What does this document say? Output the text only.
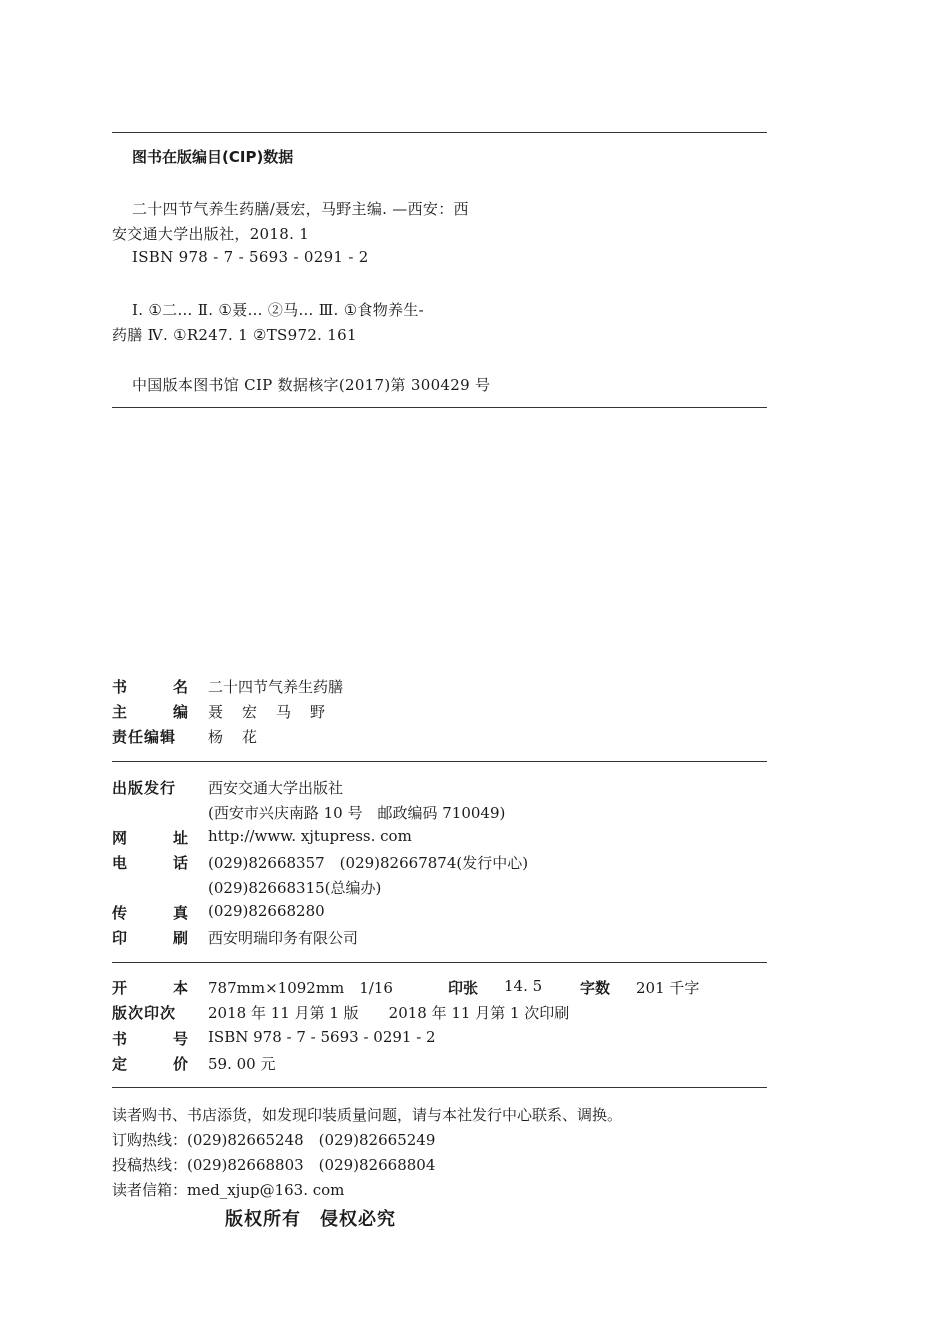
图书在版编目(CIP)数据
二十四节气养生药膳/聂宏，马野主编. —西安：西
安交通大学出版社，2018. 1
ISBN 978 - 7 - 5693 - 0291 - 2
Ⅰ. ①二… Ⅱ. ①聂… ②马… Ⅲ. ①食物养生-
药膳 Ⅳ. ①R247. 1 ②TS972. 161
中国版本图书馆 CIP 数据核字(2017)第 300429 号
书	名 二十四节气养生药膳
主	编 聂　宏　马　野
责任编辑 杨　花
出版发行 西安交通大学出版社
(西安市兴庆南路 10 号　邮政编码 710049)
网	址 http://www. xjtupress. com
电	话 (029)82668357　(029)82667874(发行中心)
(029)82668315(总编办)
传	真 (029)82668280
印	刷 西安明瑞印务有限公司
开	本 787mm×1092mm　1/16	印张 14. 5	字数 201 千字
版次印次 2018 年 11 月第 1 版　　2018 年 11 月第 1 次印刷
书	号 ISBN 978 - 7 - 5693 - 0291 - 2
定	价 59. 00 元
读者购书、书店添货，如发现印装质量问题，请与本社发行中心联系、调换。
订购热线：(029)82665248　(029)82665249
投稿热线：(029)82668803　(029)82668804
读者信箱：med_xjup@163. com
版权所有　侵权必究
